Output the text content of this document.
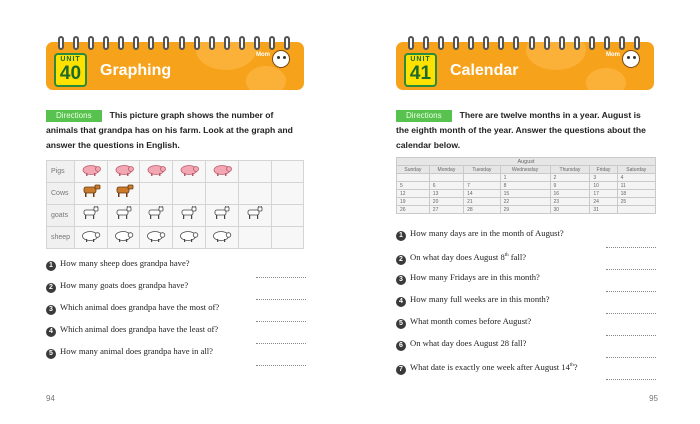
UNIT
40 Graphing
Mom
Directions This picture graph shows the number of animals that grandpa has on his farm. Look at the graph and answer the questions in English.
Pigs							
Cows							
goats							
sheep							
1 How many sheep does grandpa have?
2 How many goats does grandpa have?
3 Which animal does grandpa have the most of?
4 Which animal does grandpa have the least of?
5 How many animal does grandpa have in all?
94
UNIT
41 Calendar
Mom
Directions There are twelve months in a year. August is the eighth month of the year. Answer the questions about the calendar below.
August
Sunday	Monday	Tuesday	Wednesday	Thursday	Friday	Saturday
			1	2	3	4
5	6	7	8	9	10	11
12	13	14	15	16	17	18
19	20	21	22	23	24	25
26	27	28	29	30	31	
1 How many days are in the month of August?
2 On what day does August 8th fall?
3 How many Fridays are in this month?
4 How many full weeks are in this month?
5 What month comes before August?
6 On what day does August 28 fall?
7 What date is exactly one week after August 14th?
95
